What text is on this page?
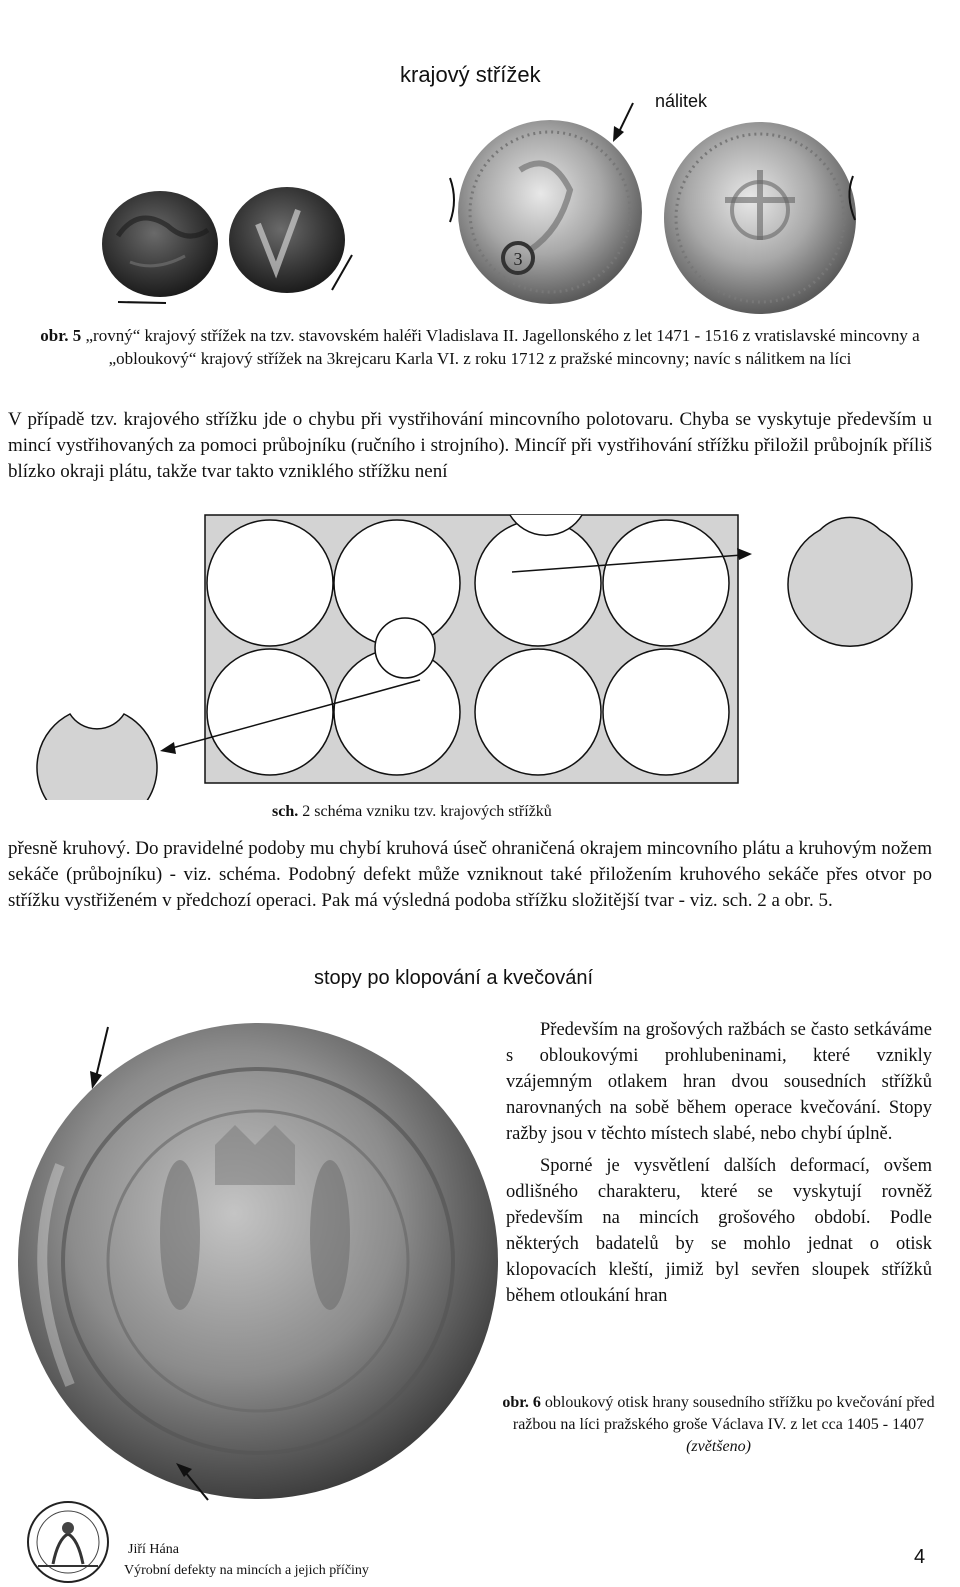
krajový střížek
nálitek
3
obr. 5 „rovný“ krajový střížek na tzv. stavovském haléři Vladislava II. Jagellonského z let 1471 - 1516 z vratislavské mincovny a „obloukový“ krajový střížek na 3krejcaru Karla VI. z roku 1712 z pražské mincovny; navíc s nálitkem na líci
V případě tzv. krajového střížku jde o chybu při vystřihování mincovního polotovaru. Chyba se vyskytuje především u mincí vystřihovaných za pomoci průbojníku (ručního i strojního). Mincíř při vystřihování střížku přiložil průbojník příliš blízko okraji plátu, takže tvar takto vzniklého střížku není
sch. 2 schéma vzniku tzv. krajových střížků
přesně kruhový. Do pravidelné podoby mu chybí kruhová úseč ohraničená okrajem mincovního plátu a kruhovým nožem sekáče (průbojníku) - viz. schéma. Podobný defekt může vzniknout také přiložením kruhového sekáče přes otvor po střížku vystřiženém v předchozí operaci. Pak má výsledná podoba střížku složitější tvar - viz. sch. 2 a obr. 5.
stopy po klopování a kvečování

Především na grošových ražbách se často setkáváme s obloukovými prohlubeninami, které vznikly vzájemným otlakem hran dvou sousedních střížků narovnaných na sobě během operace kvečování. Stopy ražby jsou v těchto místech slabé, nebo chybí úplně.

Sporné je vysvětlení dalších deformací, ovšem odlišného charakteru, které se vyskytují rovněž především na mincích grošového období. Podle některých badatelů by se mohlo jednat o otisk klopovacích kleští, jimiž byl sevřen sloupek střížků během otloukání hran

obr. 6 obloukový otisk hrany sousedního střížku po kvečování před ražbou na líci pražského groše Václava IV. z let cca 1405 - 1407 (zvětšeno)
Jiří Hána
Výrobní defekty na mincích a jejich příčiny
4
